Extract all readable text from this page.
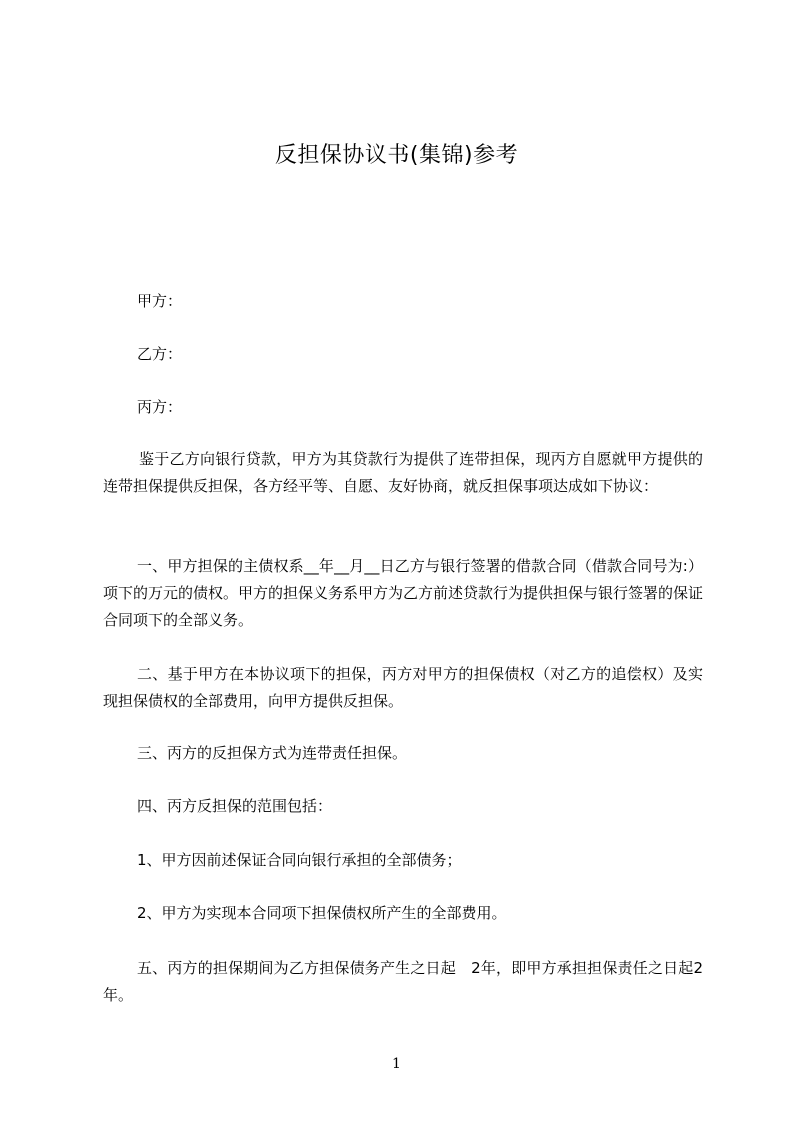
反担保协议书(集锦)参考

甲方：

乙方：

丙方：

鉴于乙方向银行贷款，甲方为其贷款行为提供了连带担保，现丙方自愿就甲方提供的连带担保提供反担保，各方经平等、自愿、友好协商，就反担保事项达成如下协议：

一、甲方担保的主债权系__年__月__日乙方与银行签署的借款合同（借款合同号为:）项下的万元的债权。甲方的担保义务系甲方为乙方前述贷款行为提供担保与银行签署的保证合同项下的全部义务。

二、基于甲方在本协议项下的担保，丙方对甲方的担保债权（对乙方的追偿权）及实现担保债权的全部费用，向甲方提供反担保。

三、丙方的反担保方式为连带责任担保。

四、丙方反担保的范围包括：

1、甲方因前述保证合同向银行承担的全部债务；

2、甲方为实现本合同项下担保债权所产生的全部费用。

五、丙方的担保期间为乙方担保债务产生之日起　2年，即甲方承担担保责任之日起2年。

1
